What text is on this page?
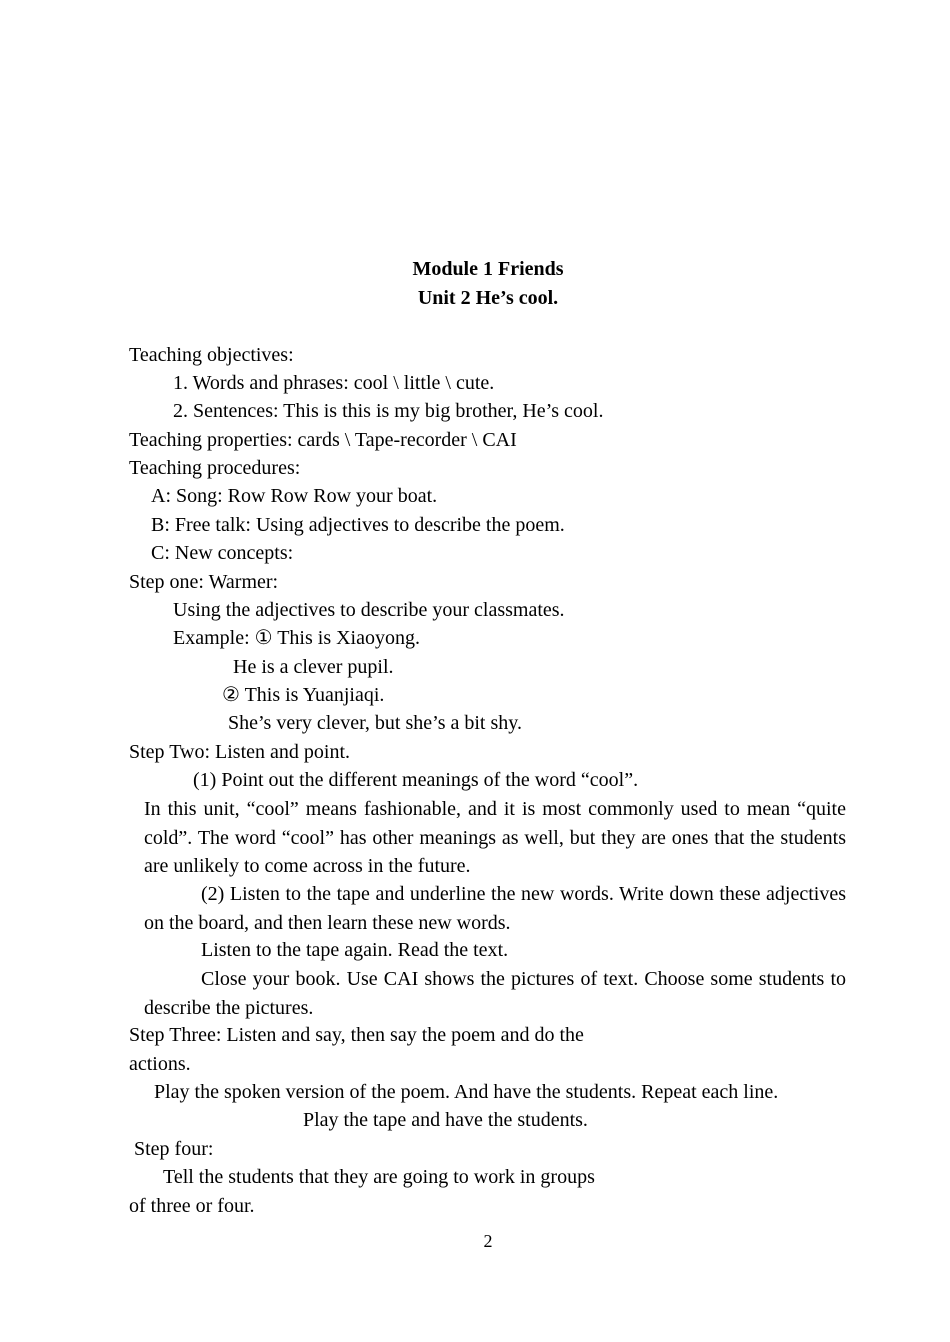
Module 1 Friends
Unit 2 He’s cool.
Teaching objectives:
1. Words and phrases: cool \ little \ cute.
2. Sentences: This is this is my big brother, He’s cool.
Teaching properties: cards \ Tape-recorder \ CAI
Teaching procedures:
A: Song: Row Row Row your boat.
B: Free talk: Using adjectives to describe the poem.
C: New concepts:
Step one: Warmer:
Using the adjectives to describe your classmates.
Example: ① This is Xiaoyong.
He is a clever pupil.
② This is Yuanjiaqi.
She’s very clever, but she’s a bit shy.
Step Two: Listen and point.
(1) Point out the different meanings of the word “cool”.
In this unit, “cool” means fashionable, and it is most commonly used to mean “quite cold”. The word “cool” has other meanings as well, but they are ones that the students are unlikely to come across in the future.
(2) Listen to the tape and underline the new words. Write down these adjectives on the board, and then learn these new words.
Listen to the tape again. Read the text.
Close your book. Use CAI shows the pictures of text. Choose some students to describe the pictures.
Step Three: Listen and say, then say the poem and do the
actions.
Play the spoken version of the poem. And have the students. Repeat each line.
Play the tape and have the students.
Step four:
Tell the students that they are going to work in groups
of three or four.
2
